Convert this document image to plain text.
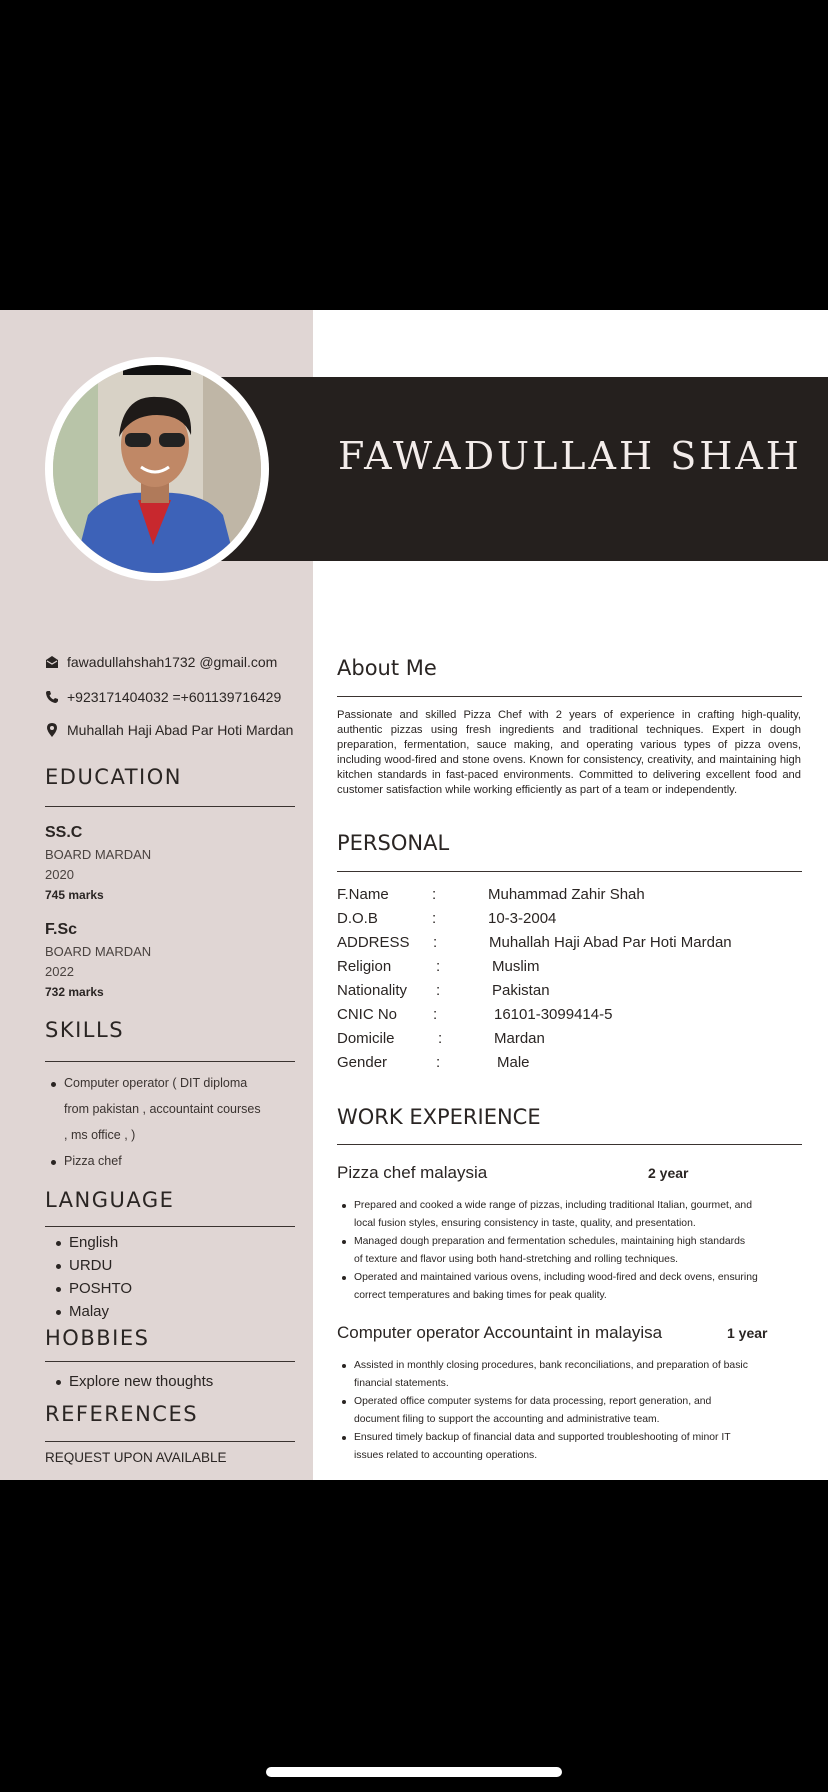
FAWADULLAH SHAH
fawadullahshah1732 @gmail.com
+923171404032 =+601139716429
Muhallah Haji Abad Par Hoti Mardan
EDUCATION
SS.C
BOARD MARDAN
2020
745 marks
F.Sc
BOARD MARDAN
2022
732 marks
SKILLS
Computer operator ( DIT diploma
from pakistan , accountaint courses
, ms office , )
Pizza chef
LANGUAGE
English
URDU
POSHTO
Malay
HOBBIES
Explore new thoughts
REFERENCES
REQUEST UPON AVAILABLE
About Me
Passionate and skilled Pizza Chef with 2 years of experience in crafting high-quality, authentic pizzas using fresh ingredients and traditional techniques. Expert in dough preparation, fermentation, sauce making, and operating various types of pizza ovens, including wood-fired and stone ovens. Known for consistency, creativity, and maintaining high kitchen standards in fast-paced environments. Committed to delivering excellent food and customer satisfaction while working efficiently as part of a team or independently.
PERSONAL
F.Name	:	Muhammad Zahir Shah
D.O.B	:	10-3-2004
ADDRESS :	Muhallah Haji Abad Par Hoti Mardan
Religion	:	Muslim
Nationality :	Pakistan
CNIC No :	16101-3099414-5
Domicile	:	Mardan
Gender	:	Male
WORK EXPERIENCE
Pizza chef malaysia	2 year
Prepared and cooked a wide range of pizzas, including traditional Italian, gourmet, and
local fusion styles, ensuring consistency in taste, quality, and presentation.
Managed dough preparation and fermentation schedules, maintaining high standards
of texture and flavor using both hand-stretching and rolling techniques.
Operated and maintained various ovens, including wood-fired and deck ovens, ensuring
correct temperatures and baking times for peak quality.
Computer operator Accountaint in malayisa	1 year
Assisted in monthly closing procedures, bank reconciliations, and preparation of basic
financial statements.
Operated office computer systems for data processing, report generation, and
document filing to support the accounting and administrative team.
Ensured timely backup of financial data and supported troubleshooting of minor IT
issues related to accounting operations.
